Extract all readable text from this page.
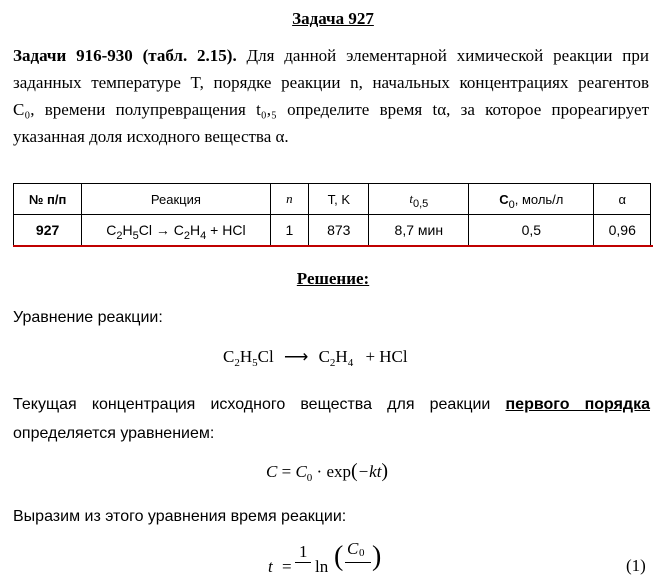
Задача 927
Задачи 916-930 (табл. 2.15). Для данной элементарной химической реакции при
заданных температуре T, порядке реакции n, начальных концентрациях реагентов
C₀, времени полупревращения t₀,₅ определите время tα, за которое прореагирует
указанная доля исходного вещества α.
№ п/п	Реакция	n	T, K	$t_{0,5}$	$C_0$, моль/л	α
927	$C_2H_5Cl \to C_2H_4$ + HCl	1	873	8,7 мин	0,5	0,96
Решение:
Уравнение реакции:
$C_2H_5Cl$ ⟶ $C_2H_4$ + HCl
Текущая концентрация исходного вещества для реакции первого порядка
определяется уравнением:
$C = C_0 \cdot \exp(-kt)$
Выразим из этого уравнения время реакции:
t =
1
ln ( C 0 )	(1)
